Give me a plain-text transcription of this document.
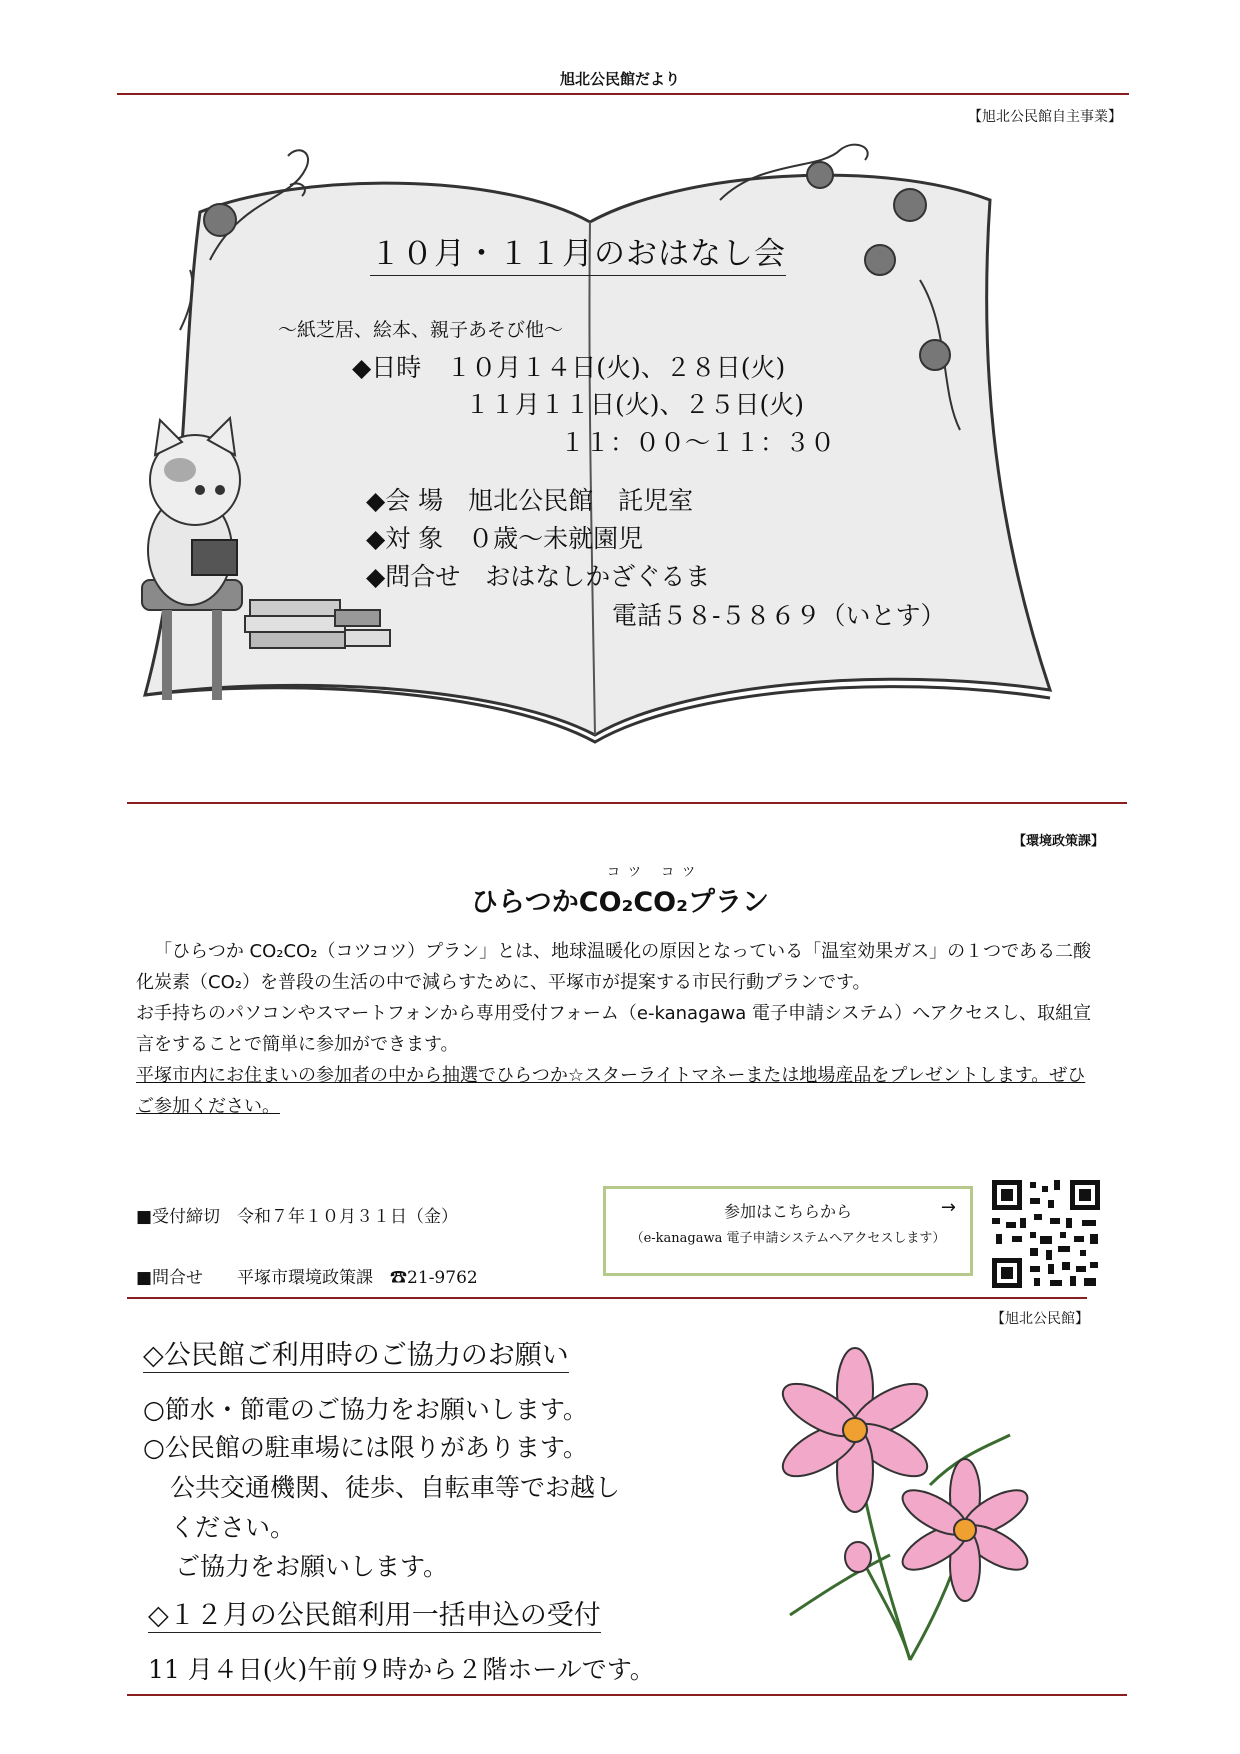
旭北公民館だより
【旭北公民館自主事業】
１０月・１１月のおはなし会
～紙芝居、絵本、親子あそび他～
◆日時　１０月１４日(火)、２８日(火)
１１月１１日(火)、２５日(火)
１１：００～１１：３０
◆会 場　旭北公民館　託児室
◆対 象　０歳～未就園児
◆問合せ　おはなしかざぐるま
電話５８-５８６９（いとす）
【環境政策課】
コツ コツ
ひらつかCO₂CO₂プラン

「ひらつか CO₂CO₂（コツコツ）プラン」とは、地球温暖化の原因となっている「温室効果ガス」の１つである二酸化炭素（CO₂）を普段の生活の中で減らすために、平塚市が提案する市民行動プランです。

お手持ちのパソコンやスマートフォンから専用受付フォーム（e-kanagawa 電子申請システム）へアクセスし、取組宣言をすることで簡単に参加ができます。

平塚市内にお住まいの参加者の中から抽選でひらつか☆スターライトマネーまたは地場産品をプレゼントします。ぜひご参加ください。

■受付締切　令和７年１０月３１日（金）
■問合せ　　平塚市環境政策課　☎21-9762
参加はこちらから	→
（e-kanagawa 電子申請システムへアクセスします）
【旭北公民館】
◇公民館ご利用時のご協力のお願い
○節水・節電のご協力をお願いします。
○公民館の駐車場には限りがあります。
公共交通機関、徒歩、自転車等でお越し
ください。
ご協力をお願いします。
◇１２月の公民館利用一括申込の受付
11 月４日(火)午前９時から２階ホールです。
